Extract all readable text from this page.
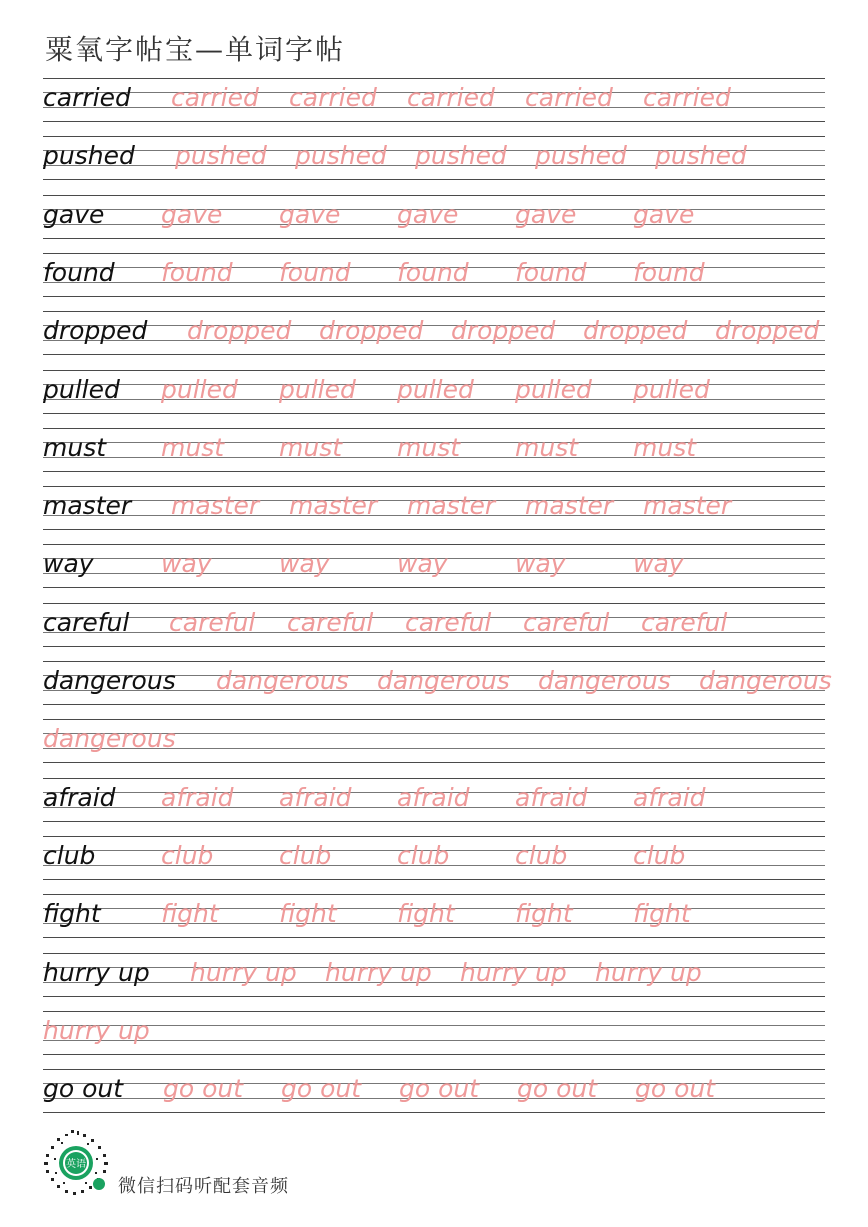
粟氧字帖宝—单词字帖
carried carried carried carried carried carried
pushed pushed pushed pushed pushed pushed
gave gave gave gave gave gave
found found found found found found
dropped dropped dropped dropped dropped dropped
pulled pulled pulled pulled pulled pulled
must must must must must must
master master master master master master
way	way	way	way	way	way
careful careful careful careful careful careful
dangerous dangerous dangerous dangerous dangerous
dangerous
afraid afraid afraid afraid afraid afraid
club	club	club	club	club	club
fight fight fight fight fight fight
hurry up hurry up hurry up hurry up hurry up
hurry up
go out go out go out go out go out go out
英语
微信扫码听配套音频
